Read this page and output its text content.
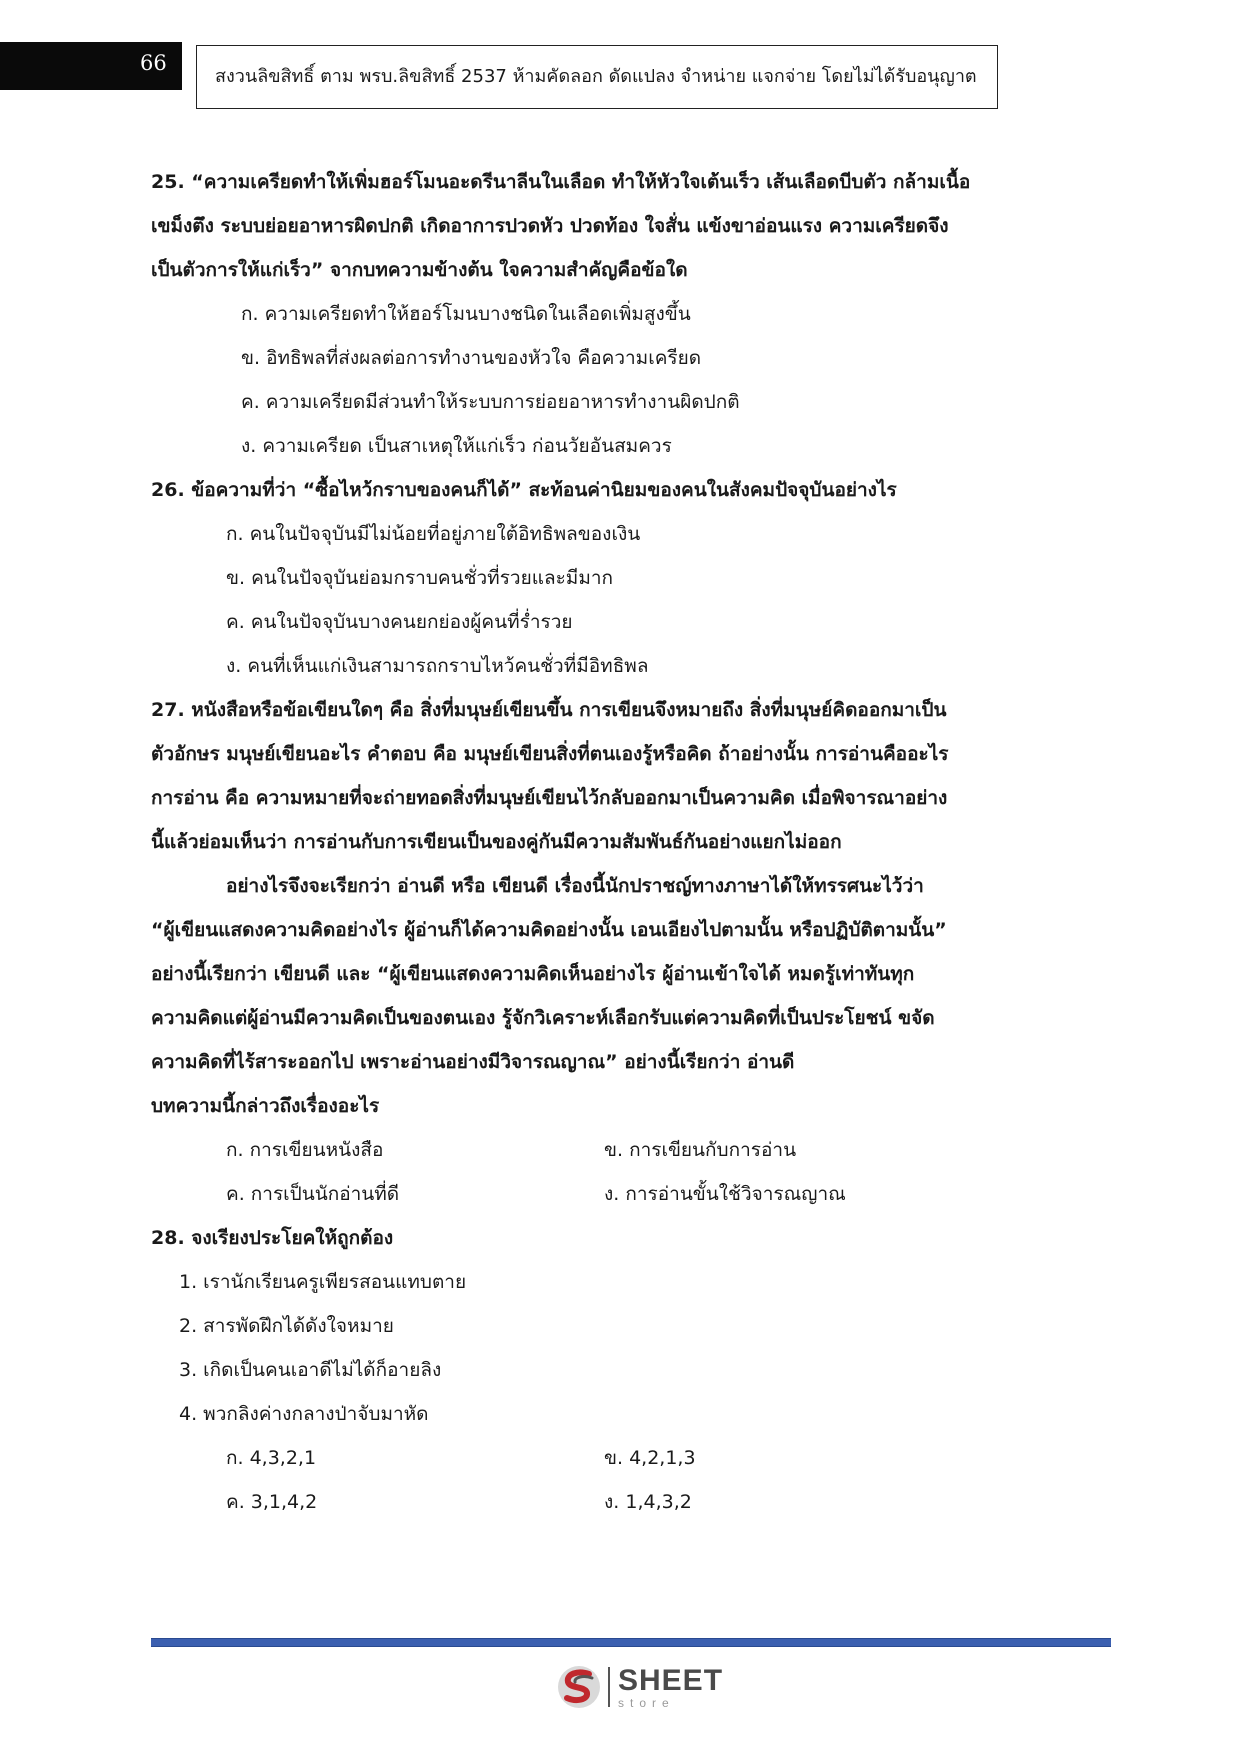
66
สงวนลิขสิทธิ์ ตาม พรบ.ลิขสิทธิ์ 2537 ห้ามคัดลอก ดัดแปลง จำหน่าย แจกจ่าย โดยไม่ได้รับอนุญาต

25. “ความเครียดทำให้เพิ่มฮอร์โมนอะดรีนาลีนในเลือด ทำให้หัวใจเต้นเร็ว เส้นเลือดบีบตัว กล้ามเนื้อ

เขม็งตึง ระบบย่อยอาหารผิดปกติ เกิดอาการปวดหัว ปวดท้อง ใจสั่น แข้งขาอ่อนแรง ความเครียดจึง

เป็นตัวการให้แก่เร็ว” จากบทความข้างต้น ใจความสำคัญคือข้อใด

ก. ความเครียดทำให้ฮอร์โมนบางชนิดในเลือดเพิ่มสูงขึ้น
ข. อิทธิพลที่ส่งผลต่อการทำงานของหัวใจ คือความเครียด
ค. ความเครียดมีส่วนทำให้ระบบการย่อยอาหารทำงานผิดปกติ
ง. ความเครียด เป็นสาเหตุให้แก่เร็ว ก่อนวัยอันสมควร
26. ข้อความที่ว่า “ซื้อไหว้กราบของคนก็ได้” สะท้อนค่านิยมของคนในสังคมปัจจุบันอย่างไร
ก. คนในปัจจุบันมีไม่น้อยที่อยู่ภายใต้อิทธิพลของเงิน
ข. คนในปัจจุบันย่อมกราบคนชั่วที่รวยและมีมาก
ค. คนในปัจจุบันบางคนยกย่องผู้คนที่ร่ำรวย
ง. คนที่เห็นแก่เงินสามารถกราบไหว้คนชั่วที่มีอิทธิพล

27. หนังสือหรือข้อเขียนใดๆ คือ สิ่งที่มนุษย์เขียนขึ้น การเขียนจึงหมายถึง สิ่งที่มนุษย์คิดออกมาเป็น

ตัวอักษร มนุษย์เขียนอะไร คำตอบ คือ มนุษย์เขียนสิ่งที่ตนเองรู้หรือคิด ถ้าอย่างนั้น การอ่านคืออะไร

การอ่าน คือ ความหมายที่จะถ่ายทอดสิ่งที่มนุษย์เขียนไว้กลับออกมาเป็นความคิด เมื่อพิจารณาอย่าง

นี้แล้วย่อมเห็นว่า การอ่านกับการเขียนเป็นของคู่กันมีความสัมพันธ์กันอย่างแยกไม่ออก

อย่างไรจึงจะเรียกว่า อ่านดี หรือ เขียนดี เรื่องนี้นักปราชญ์ทางภาษาได้ให้ทรรศนะไว้ว่า

“ผู้เขียนแสดงความคิดอย่างไร ผู้อ่านก็ได้ความคิดอย่างนั้น เอนเอียงไปตามนั้น หรือปฏิบัติตามนั้น”

อย่างนี้เรียกว่า เขียนดี และ “ผู้เขียนแสดงความคิดเห็นอย่างไร ผู้อ่านเข้าใจได้ หมดรู้เท่าทันทุก

ความคิดแต่ผู้อ่านมีความคิดเป็นของตนเอง รู้จักวิเคราะห์เลือกรับแต่ความคิดที่เป็นประโยชน์ ขจัด

ความคิดที่ไร้สาระออกไป เพราะอ่านอย่างมีวิจารณญาณ” อย่างนี้เรียกว่า อ่านดี

บทความนี้กล่าวถึงเรื่องอะไร

ก. การเขียนหนังสือ	ข. การเขียนกับการอ่าน
ค. การเป็นนักอ่านที่ดี	ง. การอ่านขั้นใช้วิจารณญาณ
28. จงเรียงประโยคให้ถูกต้อง
1. เรานักเรียนครูเพียรสอนแทบตาย
2. สารพัดฝึกได้ดังใจหมาย
3. เกิดเป็นคนเอาดีไม่ได้ก็อายลิง
4. พวกลิงค่างกลางป่าจับมาหัด
ก. 4,3,2,1	ข. 4,2,1,3
ค. 3,1,4,2	ง. 1,4,3,2
SHEET
store
